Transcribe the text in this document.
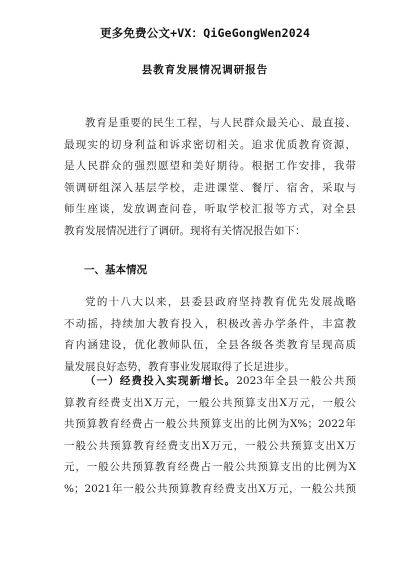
更多免费公文+VX：QiGeGongWen2024
县教育发展情况调研报告
教育是重要的民生工程，与人民群众最关心、最直接、
最现实的切身利益和诉求密切相关。追求优质教育资源，
是人民群众的强烈愿望和美好期待。根据工作安排，我带
领调研组深入基层学校，走进课堂、餐厅、宿舍，采取与
师生座谈，发放调查问卷，听取学校汇报等方式，对全县
教育发展情况进行了调研。现将有关情况报告如下：
一、基本情况
党的十八大以来，县委县政府坚持教育优先发展战略
不动摇，持续加大教育投入，积极改善办学条件，丰富教
育内涵建设，优化教师队伍，全县各级各类教育呈现高质
量发展良好态势，教育事业发展取得了长足进步。
（一）经费投入实现新增长。2023年全县一般公共预
算教育经费支出X万元，一般公共预算支出X万元，一般公
共预算教育经费占一般公共预算支出的比例为X%；2022年
一般公共预算教育经费支出X万元，一般公共预算支出X万
元，一般公共预算教育经费占一般公共预算支出的比例为X
%；2021年一般公共预算教育经费支出X万元，一般公共预
